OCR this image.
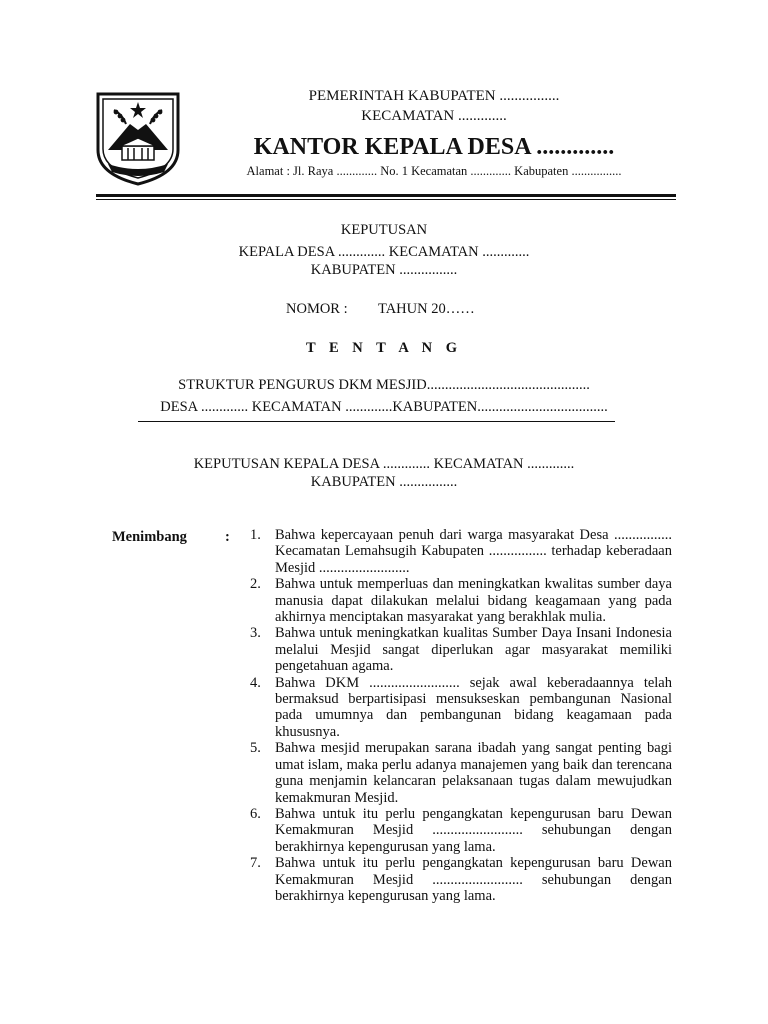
PEMERINTAH KABUPATEN ................
KECAMATAN .............
KANTOR KEPALA DESA .............
Alamat : Jl. Raya ............. No. 1 Kecamatan ............. Kabupaten ................
KEPUTUSAN
KEPALA DESA ............. KECAMATAN .............
KABUPATEN ................
NOMOR : TAHUN 20……
T E N T A N G
STRUKTUR PENGURUS DKM MESJID.............................................
DESA ............. KECAMATAN .............KABUPATEN....................................
KEPUTUSAN KEPALA DESA ............. KECAMATAN .............
KABUPATEN ................
Menimbang	: 1. Bahwa kepercayaan penuh dari warga masyarakat Desa ................ Kecamatan Lemahsugih Kabupaten ................ terhadap keberadaan Mesjid .........................
2. Bahwa untuk memperluas dan meningkatkan kwalitas sumber daya manusia dapat dilakukan melalui bidang keagamaan yang pada akhirnya menciptakan masyarakat yang berakhlak mulia.
3. Bahwa untuk meningkatkan kualitas Sumber Daya Insani Indonesia melalui Mesjid sangat diperlukan agar masyarakat memiliki pengetahuan agama.
4. Bahwa DKM ......................... sejak awal keberadaannya telah bermaksud berpartisipasi mensukseskan pembangunan Nasional pada umumnya dan pembangunan bidang keagamaan pada khususnya.
5. Bahwa mesjid merupakan sarana ibadah yang sangat penting bagi umat islam, maka perlu adanya manajemen yang baik dan terencana guna menjamin kelancaran pelaksanaan tugas dalam mewujudkan kemakmuran Mesjid.
6. Bahwa untuk itu perlu pengangkatan kepengurusan baru Dewan Kemakmuran Mesjid ......................... sehubungan dengan berakhirnya kepengurusan yang lama.
7. Bahwa untuk itu perlu pengangkatan kepengurusan baru Dewan Kemakmuran Mesjid ......................... sehubungan dengan berakhirnya kepengurusan yang lama.
